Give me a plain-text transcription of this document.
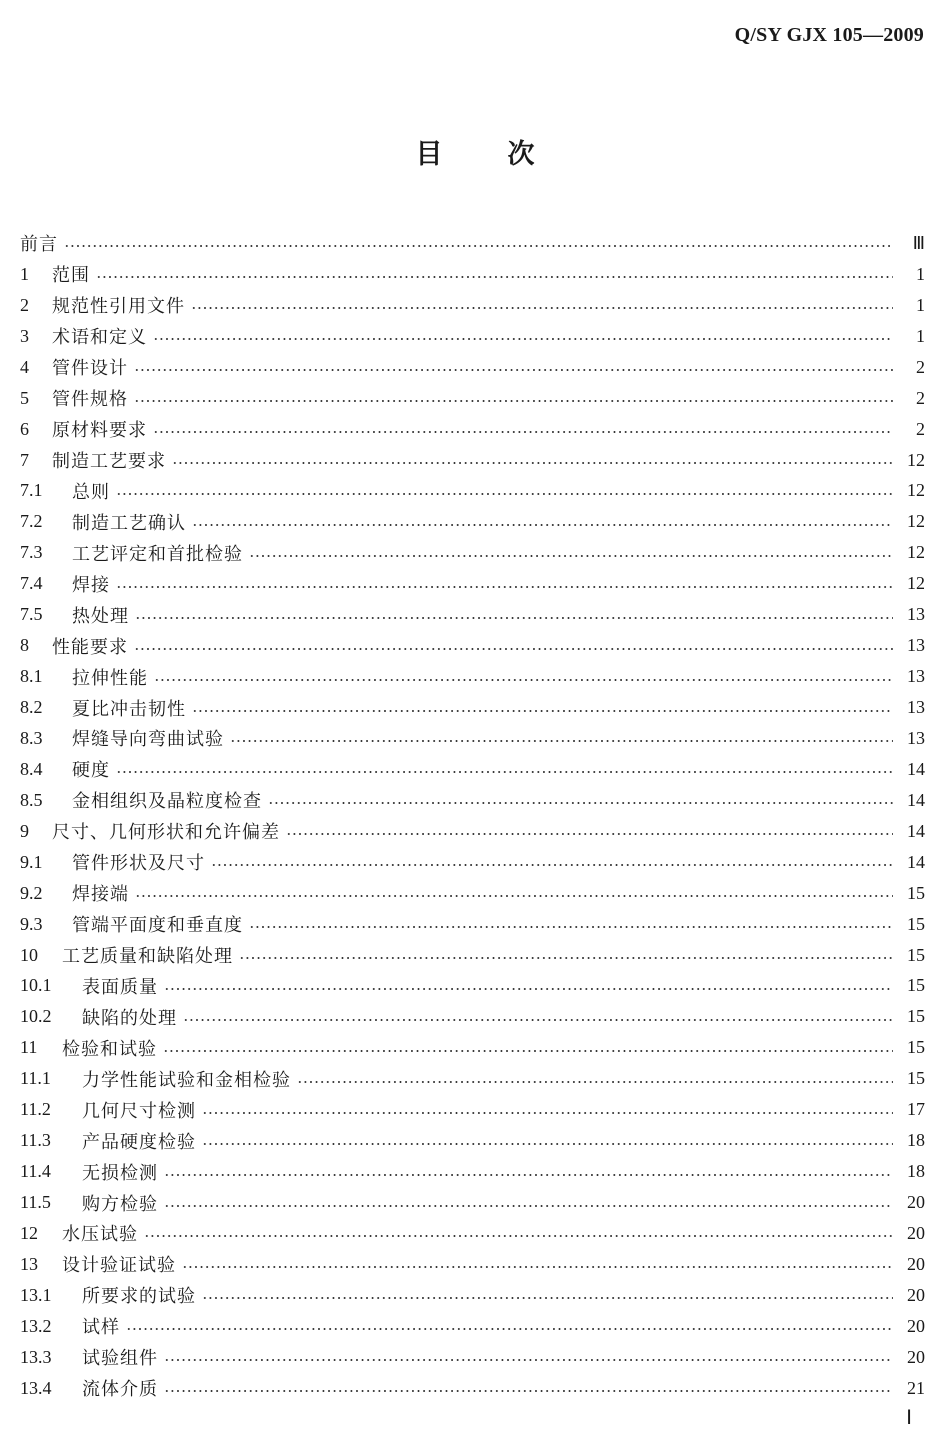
Q/SY GJX 105—2009
目 次
前言	Ⅲ
1	范围	1
2	规范性引用文件	1
3	术语和定义	1
4	管件设计	2
5	管件规格	2
6	原材料要求	2
7	制造工艺要求	12
7.1	总则	12
7.2	制造工艺确认	12
7.3	工艺评定和首批检验	12
7.4	焊接	12
7.5	热处理	13
8	性能要求	13
8.1	拉伸性能	13
8.2	夏比冲击韧性	13
8.3	焊缝导向弯曲试验	13
8.4	硬度	14
8.5	金相组织及晶粒度检查	14
9	尺寸、几何形状和允许偏差	14
9.1	管件形状及尺寸	14
9.2	焊接端	15
9.3	管端平面度和垂直度	15
10	工艺质量和缺陷处理	15
10.1	表面质量	15
10.2	缺陷的处理	15
11	检验和试验	15
11.1	力学性能试验和金相检验	15
11.2	几何尺寸检测	17
11.3	产品硬度检验	18
11.4	无损检测	18
11.5	购方检验	20
12	水压试验	20
13	设计验证试验	20
13.1	所要求的试验	20
13.2	试样	20
13.3	试验组件	20
13.4	流体介质	21
Ⅰ
